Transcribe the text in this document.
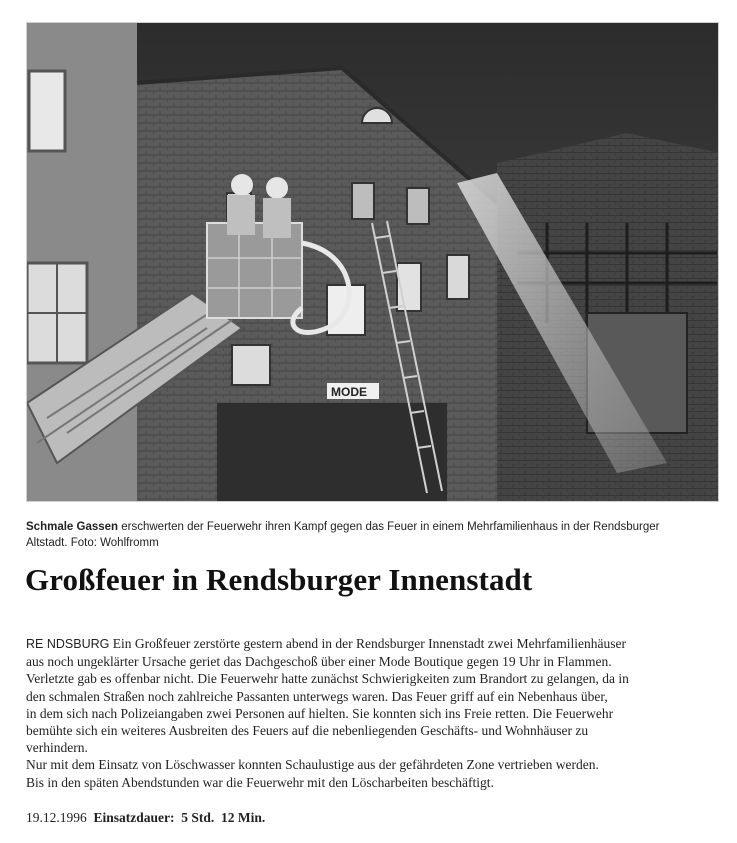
MODE
Schmale Gassen erschwerten der Feuerwehr ihren Kampf gegen das Feuer in einem Mehrfamilienhaus in der Rendsburger
Altstadt. Foto: Wohlfromm
Großfeuer in Rendsburger Innenstadt
RE NDSBURG Ein Großfeuer zerstörte gestern abend in der Rendsburger Innenstadt zwei Mehrfamilienhäuser
aus noch ungeklärter Ursache geriet das Dachgeschoß über einer Mode Boutique gegen 19 Uhr in Flammen.
Verletzte gab es offenbar nicht. Die Feuerwehr hatte zunächst Schwierigkeiten zum Brandort zu gelangen, da in
den schmalen Straßen noch zahlreiche Passanten unterwegs waren. Das Feuer griff auf ein Nebenhaus über,
in dem sich nach Polizeiangaben zwei Personen auf hielten. Sie konnten sich ins Freie retten. Die Feuerwehr
bemühte sich ein weiteres Ausbreiten des Feuers auf die nebenliegenden Geschäfts- und Wohnhäuser zu
verhindern.
Nur mit dem Einsatz von Löschwasser konnten Schaulustige aus der gefährdeten Zone vertrieben werden.
Bis in den späten Abendstunden war die Feuerwehr mit den Löscharbeiten beschäftigt.
19.12.1996 Einsatzdauer: 5 Std.  12 Min.
